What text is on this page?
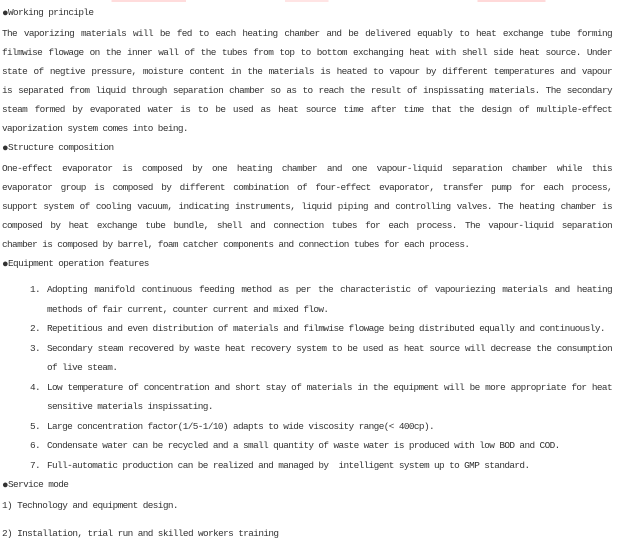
●Working principle
The vaporizing materials will be fed to each heating chamber and be delivered equably to heat exchange tube forming
filmwise flowage on the inner wall of the tubes from top to bottom exchanging heat with shell side heat source. Under
state of negtive pressure, moisture content in the materials is heated to vapour by different temperatures and vapour
is separated from liquid through separation chamber so as to reach the result of inspissating materials. The secondary
steam formed by evaporated water is to be used as heat source time after time that the design of multiple-effect
vaporization system comes into being.
●Structure composition
One-effect evaporator is composed by one heating chamber and one vapour-liquid separation chamber while this
evaporator group is composed by different combination of four-effect evaporator, transfer pump for each process,
support system of cooling vacuum, indicating instruments, liquid piping and controlling valves. The heating chamber is
composed by heat exchange tube bundle, shell and connection tubes for each process. The vapour-liquid separation
chamber is composed by barrel, foam catcher components and connection tubes for each process.
●Equipment operation features
1. Adopting manifold continuous feeding method as per the characteristic of vapouriezing materials and heating
methods of fair current, counter current and mixed flow.
2. Repetitious and even distribution of materials and filmwise flowage being distributed equally and continuously.
3. Secondary steam recovered by waste heat recovery system to be used as heat source will decrease the consumption
of live steam.
4. Low temperature of concentration and short stay of materials in the equipment will be more appropriate for heat
sensitive materials inspissating.
5. Large concentration factor(1/5-1/10) adapts to wide viscosity range(< 400cp).
6. Condensate water can be recycled and a small quantity of waste water is produced with low BOD and COD.
7. Full-automatic production can be realized and managed by  intelligent system up to GMP standard.
●Service mode
1) Technology and equipment design.
2) Installation, trial run and skilled workers training
